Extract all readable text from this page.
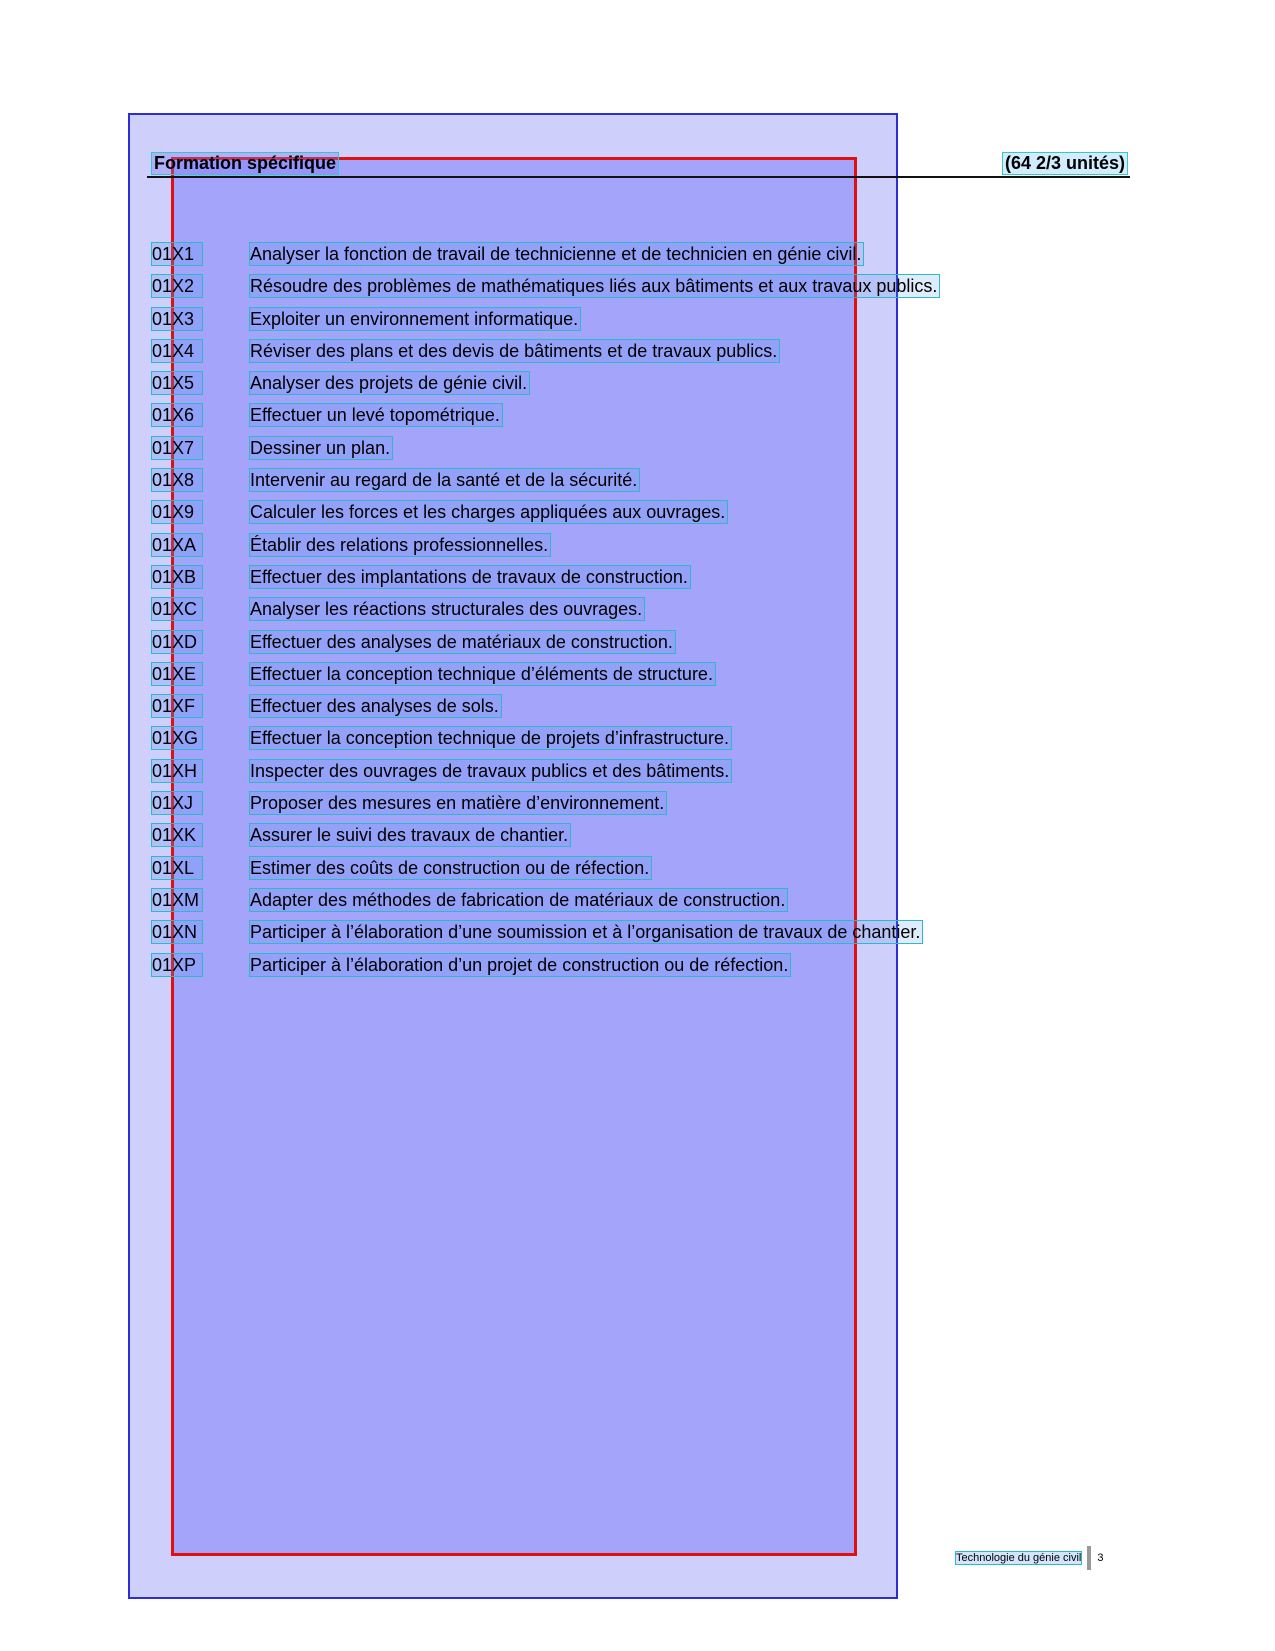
Formation spécifique	(64 2/3 unités)
01X1	Analyser la fonction de travail de technicienne et de technicien en génie civil.
01X2	Résoudre des problèmes de mathématiques liés aux bâtiments et aux travaux publics.
01X3	Exploiter un environnement informatique.
01X4	Réviser des plans et des devis de bâtiments et de travaux publics.
01X5	Analyser des projets de génie civil.
01X6	Effectuer un levé topométrique.
01X7	Dessiner un plan.
01X8	Intervenir au regard de la santé et de la sécurité.
01X9	Calculer les forces et les charges appliquées aux ouvrages.
01XA	Établir des relations professionnelles.
01XB	Effectuer des implantations de travaux de construction.
01XC	Analyser les réactions structurales des ouvrages.
01XD	Effectuer des analyses de matériaux de construction.
01XE	Effectuer la conception technique d’éléments de structure.
01XF	Effectuer des analyses de sols.
01XG	Effectuer la conception technique de projets d’infrastructure.
01XH	Inspecter des ouvrages de travaux publics et des bâtiments.
01XJ	Proposer des mesures en matière d’environnement.
01XK	Assurer le suivi des travaux de chantier.
01XL	Estimer des coûts de construction ou de réfection.
01XM	Adapter des méthodes de fabrication de matériaux de construction.
01XN	Participer à l’élaboration d’une soumission et à l’organisation de travaux de chantier.
01XP	Participer à l’élaboration d’un projet de construction ou de réfection.
Technologie du génie civil 3
